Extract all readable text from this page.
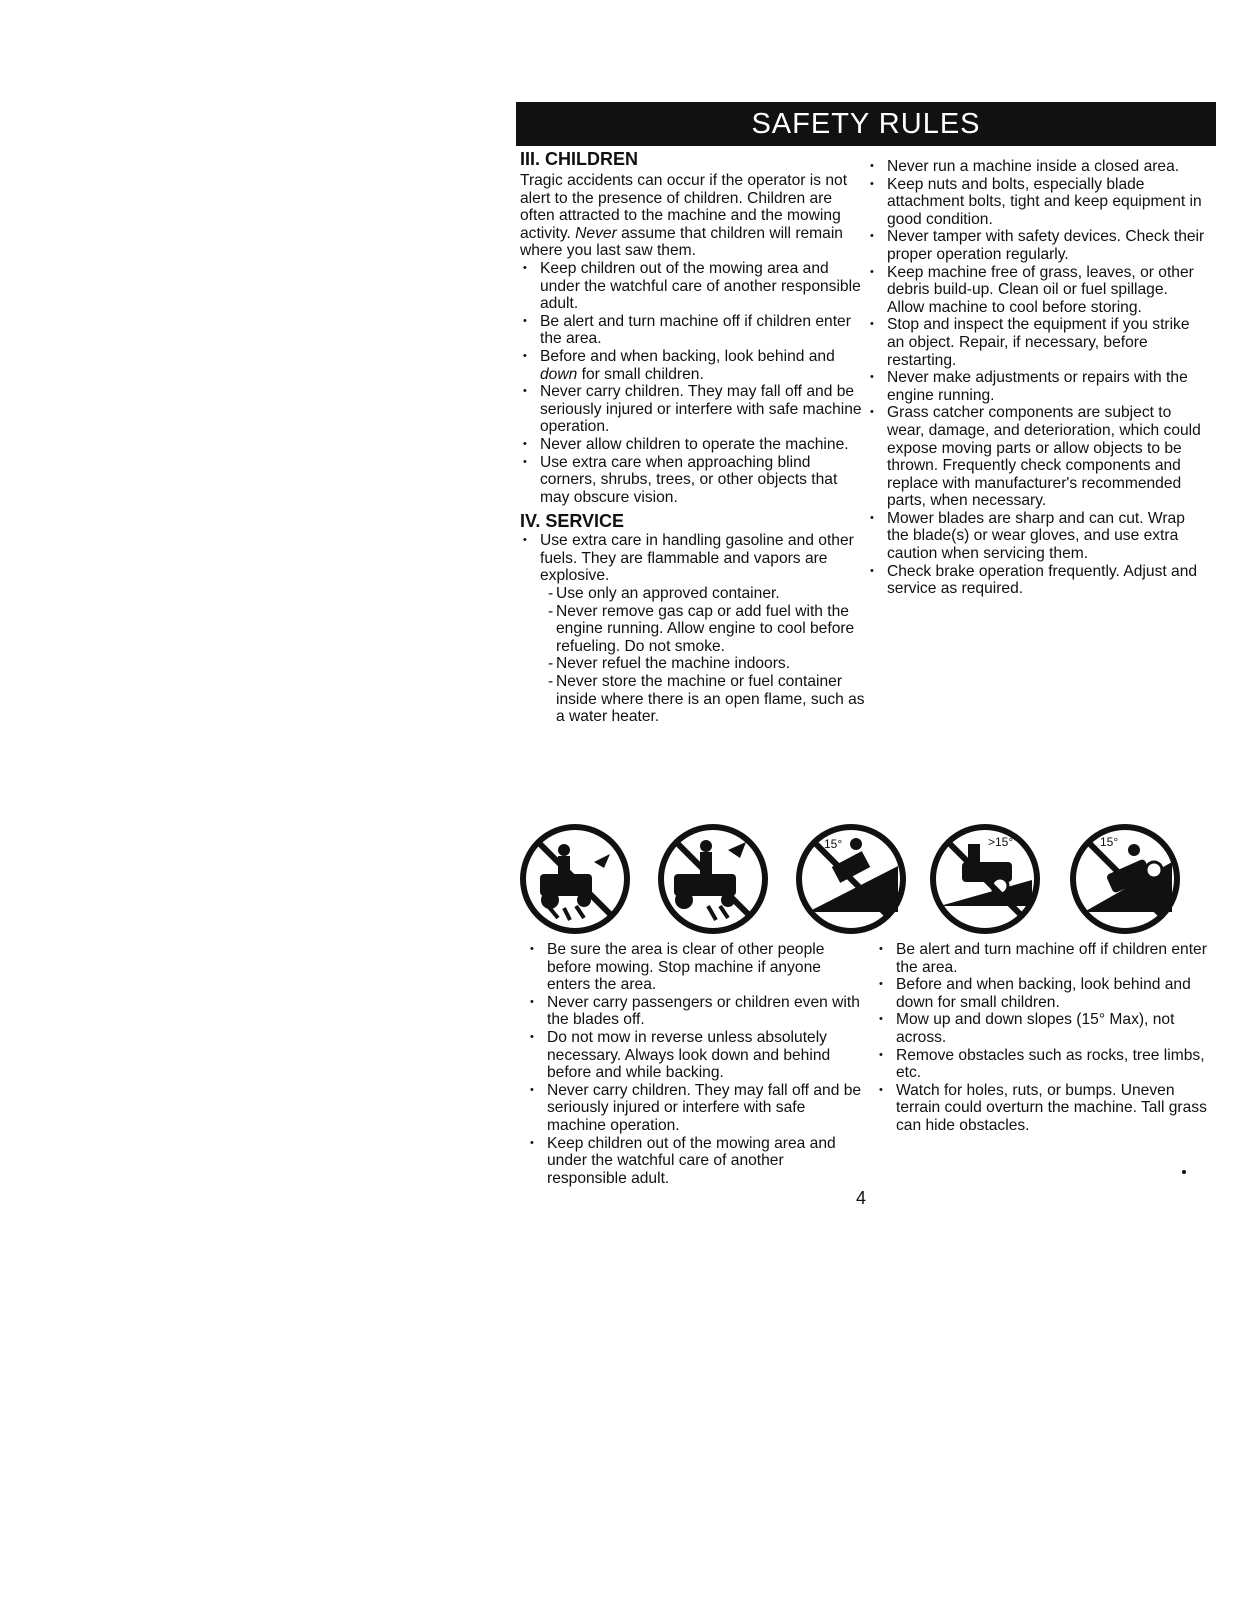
SAFETY RULES
III. CHILDREN

Tragic accidents can occur if the operator is not alert to the presence of children. Children are often attracted to the machine and the mowing activity. Never assume that children will remain where you last saw them.

• Keep children out of the mowing area and under the watchful care of another responsible adult.
• Be alert and turn machine off if children enter the area.
• Before and when backing, look behind and down for small children.
• Never carry children. They may fall off and be seriously injured or interfere with safe machine operation.
• Never allow children to operate the machine.
• Use extra care when approaching blind corners, shrubs, trees, or other objects that may obscure vision.
IV. SERVICE
• Use extra care in handling gasoline and other fuels. They are flammable and vapors are explosive.
- Use only an approved container.
- Never remove gas cap or add fuel with the engine running. Allow engine to cool before refueling. Do not smoke.
- Never refuel the machine indoors.
- Never store the machine or fuel container inside where there is an open flame, such as a water heater.
• Never run a machine inside a closed area.
• Keep nuts and bolts, especially blade attachment bolts, tight and keep equipment in good condition.
• Never tamper with safety devices. Check their proper operation regularly.
• Keep machine free of grass, leaves, or other debris build-up. Clean oil or fuel spillage. Allow machine to cool before storing.
• Stop and inspect the equipment if you strike an object. Repair, if necessary, before restarting.
• Never make adjustments or repairs with the engine running.
• Grass catcher components are subject to wear, damage, and deterioration, which could expose moving parts or allow objects to be thrown. Frequently check components and replace with manufacturer's recommended parts, when necessary.
• Mower blades are sharp and can cut. Wrap the blade(s) or wear gloves, and use extra caution when servicing them.
• Check brake operation frequently. Adjust and service as required.
15°	>15°	15°
• Be sure the area is clear of other people before mowing. Stop machine if anyone enters the area.
• Never carry passengers or children even with the blades off.
• Do not mow in reverse unless absolutely necessary. Always look down and behind before and while backing.
• Never carry children. They may fall off and be seriously injured or interfere with safe machine operation.
• Keep children out of the mowing area and under the watchful care of another responsible adult.
• Be alert and turn machine off if children enter the area.
• Before and when backing, look behind and down for small children.
• Mow up and down slopes (15° Max), not across.
• Remove obstacles such as rocks, tree limbs, etc.
• Watch for holes, ruts, or bumps. Uneven terrain could overturn the machine. Tall grass can hide obstacles.
4
